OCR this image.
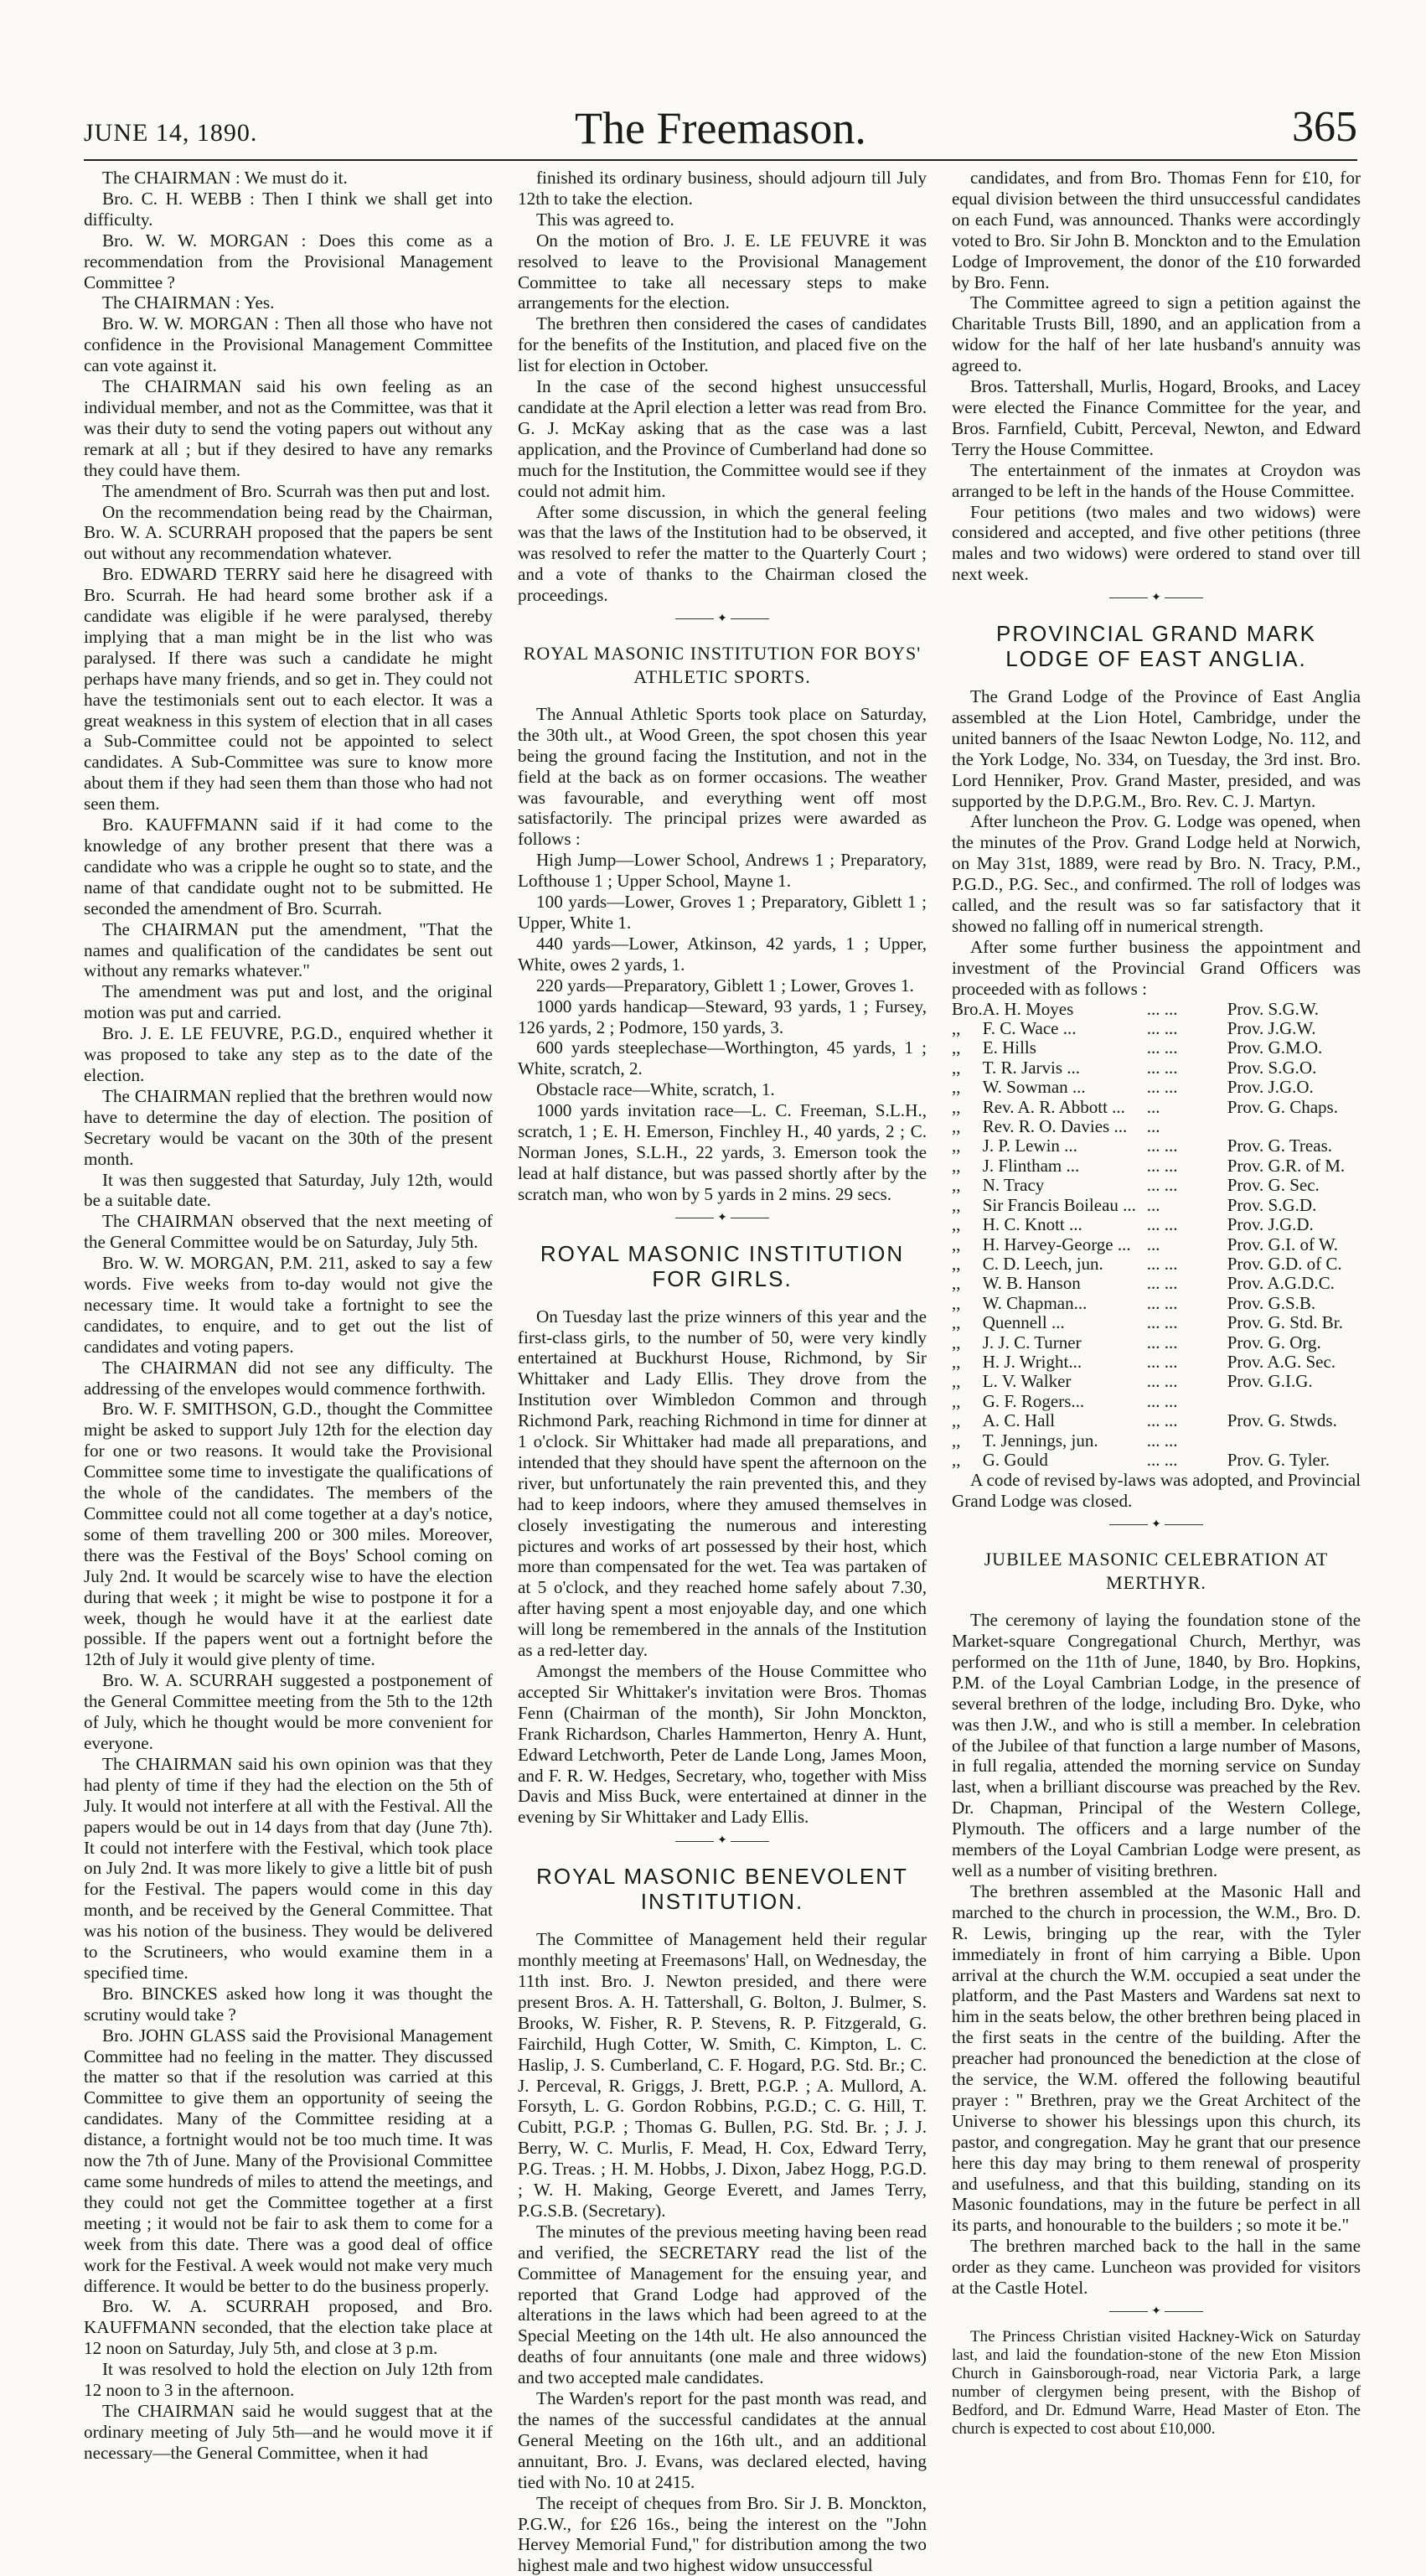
JUNE 14, 1890.	The Freemason.	365

The CHAIRMAN : We must do it.

Bro. C. H. WEBB : Then I think we shall get into difficulty.

Bro. W. W. MORGAN : Does this come as a recommendation from the Provisional Management Committee ?

The CHAIRMAN : Yes.

Bro. W. W. MORGAN : Then all those who have not confidence in the Provisional Management Committee can vote against it.

The CHAIRMAN said his own feeling as an individual member, and not as the Committee, was that it was their duty to send the voting papers out without any remark at all ; but if they desired to have any remarks they could have them.

The amendment of Bro. Scurrah was then put and lost.

On the recommendation being read by the Chairman, Bro. W. A. SCURRAH proposed that the papers be sent out without any recommendation whatever.

Bro. EDWARD TERRY said here he disagreed with Bro. Scurrah. He had heard some brother ask if a candidate was eligible if he were paralysed, thereby implying that a man might be in the list who was paralysed. If there was such a candidate he might perhaps have many friends, and so get in. They could not have the testimonials sent out to each elector. It was a great weakness in this system of election that in all cases a Sub-Committee could not be appointed to select candidates. A Sub-Committee was sure to know more about them if they had seen them than those who had not seen them.

Bro. KAUFFMANN said if it had come to the knowledge of any brother present that there was a candidate who was a cripple he ought so to state, and the name of that candidate ought not to be submitted. He seconded the amendment of Bro. Scurrah.

The CHAIRMAN put the amendment, "That the names and qualification of the candidates be sent out without any remarks whatever."

The amendment was put and lost, and the original motion was put and carried.

Bro. J. E. LE FEUVRE, P.G.D., enquired whether it was proposed to take any step as to the date of the election.

The CHAIRMAN replied that the brethren would now have to determine the day of election. The position of Secretary would be vacant on the 30th of the present month.

It was then suggested that Saturday, July 12th, would be a suitable date.

The CHAIRMAN observed that the next meeting of the General Committee would be on Saturday, July 5th.

Bro. W. W. MORGAN, P.M. 211, asked to say a few words. Five weeks from to-day would not give the necessary time. It would take a fortnight to see the candidates, to enquire, and to get out the list of candidates and voting papers.

The CHAIRMAN did not see any difficulty. The addressing of the envelopes would commence forthwith.

Bro. W. F. SMITHSON, G.D., thought the Committee might be asked to support July 12th for the election day for one or two reasons. It would take the Provisional Committee some time to investigate the qualifications of the whole of the candidates. The members of the Committee could not all come together at a day's notice, some of them travelling 200 or 300 miles. Moreover, there was the Festival of the Boys' School coming on July 2nd. It would be scarcely wise to have the election during that week ; it might be wise to postpone it for a week, though he would have it at the earliest date possible. If the papers went out a fortnight before the 12th of July it would give plenty of time.

Bro. W. A. SCURRAH suggested a postponement of the General Committee meeting from the 5th to the 12th of July, which he thought would be more convenient for everyone.

The CHAIRMAN said his own opinion was that they had plenty of time if they had the election on the 5th of July. It would not interfere at all with the Festival. All the papers would be out in 14 days from that day (June 7th). It could not interfere with the Festival, which took place on July 2nd. It was more likely to give a little bit of push for the Festival. The papers would come in this day month, and be received by the General Committee. That was his notion of the business. They would be delivered to the Scrutineers, who would examine them in a specified time.

Bro. BINCKES asked how long it was thought the scrutiny would take ?

Bro. JOHN GLASS said the Provisional Management Committee had no feeling in the matter. They discussed the matter so that if the resolution was carried at this Committee to give them an opportunity of seeing the candidates. Many of the Committee residing at a distance, a fortnight would not be too much time. It was now the 7th of June. Many of the Provisional Committee came some hundreds of miles to attend the meetings, and they could not get the Committee together at a first meeting ; it would not be fair to ask them to come for a week from this date. There was a good deal of office work for the Festival. A week would not make very much difference. It would be better to do the business properly.

Bro. W. A. SCURRAH proposed, and Bro. KAUFFMANN seconded, that the election take place at 12 noon on Saturday, July 5th, and close at 3 p.m.

It was resolved to hold the election on July 12th from 12 noon to 3 in the afternoon.

The CHAIRMAN said he would suggest that at the ordinary meeting of July 5th—and he would move it if necessary—the General Committee, when it had

finished its ordinary business, should adjourn till July 12th to take the election.

This was agreed to.

On the motion of Bro. J. E. LE FEUVRE it was resolved to leave to the Provisional Management Committee to take all necessary steps to make arrangements for the election.

The brethren then considered the cases of candidates for the benefits of the Institution, and placed five on the list for election in October.

In the case of the second highest unsuccessful candidate at the April election a letter was read from Bro. G. J. McKay asking that as the case was a last application, and the Province of Cumberland had done so much for the Institution, the Committee would see if they could not admit him.

After some discussion, in which the general feeling was that the laws of the Institution had to be observed, it was resolved to refer the matter to the Quarterly Court ; and a vote of thanks to the Chairman closed the proceedings.

✦
ROYAL MASONIC INSTITUTION FOR BOYS' ATHLETIC SPORTS.

The Annual Athletic Sports took place on Saturday, the 30th ult., at Wood Green, the spot chosen this year being the ground facing the Institution, and not in the field at the back as on former occasions. The weather was favourable, and everything went off most satisfactorily. The principal prizes were awarded as follows :

High Jump—Lower School, Andrews 1 ; Preparatory, Lofthouse 1 ; Upper School, Mayne 1.

100 yards—Lower, Groves 1 ; Preparatory, Giblett 1 ; Upper, White 1.

440 yards—Lower, Atkinson, 42 yards, 1 ; Upper, White, owes 2 yards, 1.

220 yards—Preparatory, Giblett 1 ; Lower, Groves 1.

1000 yards handicap—Steward, 93 yards, 1 ; Fursey, 126 yards, 2 ; Podmore, 150 yards, 3.

600 yards steeplechase—Worthington, 45 yards, 1 ; White, scratch, 2.

Obstacle race—White, scratch, 1.

1000 yards invitation race—L. C. Freeman, S.L.H., scratch, 1 ; E. H. Emerson, Finchley H., 40 yards, 2 ; C. Norman Jones, S.L.H., 22 yards, 3. Emerson took the lead at half distance, but was passed shortly after by the scratch man, who won by 5 yards in 2 mins. 29 secs.

✦
ROYAL MASONIC INSTITUTION FOR GIRLS.

On Tuesday last the prize winners of this year and the first-class girls, to the number of 50, were very kindly entertained at Buckhurst House, Richmond, by Sir Whittaker and Lady Ellis. They drove from the Institution over Wimbledon Common and through Richmond Park, reaching Richmond in time for dinner at 1 o'clock. Sir Whittaker had made all preparations, and intended that they should have spent the afternoon on the river, but unfortunately the rain prevented this, and they had to keep indoors, where they amused themselves in closely investigating the numerous and interesting pictures and works of art possessed by their host, which more than compensated for the wet. Tea was partaken of at 5 o'clock, and they reached home safely about 7.30, after having spent a most enjoyable day, and one which will long be remembered in the annals of the Institution as a red-letter day.

Amongst the members of the House Committee who accepted Sir Whittaker's invitation were Bros. Thomas Fenn (Chairman of the month), Sir John Monckton, Frank Richardson, Charles Hammerton, Henry A. Hunt, Edward Letchworth, Peter de Lande Long, James Moon, and F. R. W. Hedges, Secretary, who, together with Miss Davis and Miss Buck, were entertained at dinner in the evening by Sir Whittaker and Lady Ellis.

✦
ROYAL MASONIC BENEVOLENT INSTITUTION.

The Committee of Management held their regular monthly meeting at Freemasons' Hall, on Wednesday, the 11th inst. Bro. J. Newton presided, and there were present Bros. A. H. Tattershall, G. Bolton, J. Bulmer, S. Brooks, W. Fisher, R. P. Stevens, R. P. Fitzgerald, G. Fairchild, Hugh Cotter, W. Smith, C. Kimpton, L. C. Haslip, J. S. Cumberland, C. F. Hogard, P.G. Std. Br.; C. J. Perceval, R. Griggs, J. Brett, P.G.P. ; A. Mullord, A. Forsyth, L. G. Gordon Robbins, P.G.D.; C. G. Hill, T. Cubitt, P.G.P. ; Thomas G. Bullen, P.G. Std. Br. ; J. J. Berry, W. C. Murlis, F. Mead, H. Cox, Edward Terry, P.G. Treas. ; H. M. Hobbs, J. Dixon, Jabez Hogg, P.G.D. ; W. H. Making, George Everett, and James Terry, P.G.S.B. (Secretary).

The minutes of the previous meeting having been read and verified, the SECRETARY read the list of the Committee of Management for the ensuing year, and reported that Grand Lodge had approved of the alterations in the laws which had been agreed to at the Special Meeting on the 14th ult. He also announced the deaths of four annuitants (one male and three widows) and two accepted male candidates.

The Warden's report for the past month was read, and the names of the successful candidates at the annual General Meeting on the 16th ult., and an additional annuitant, Bro. J. Evans, was declared elected, having tied with No. 10 at 2415.

The receipt of cheques from Bro. Sir J. B. Monckton, P.G.W., for £26 16s., being the interest on the "John Hervey Memorial Fund," for distribution among the two highest male and two highest widow unsuccessful

candidates, and from Bro. Thomas Fenn for £10, for equal division between the third unsuccessful candidates on each Fund, was announced. Thanks were accordingly voted to Bro. Sir John B. Monckton and to the Emulation Lodge of Improvement, the donor of the £10 forwarded by Bro. Fenn.

The Committee agreed to sign a petition against the Charitable Trusts Bill, 1890, and an application from a widow for the half of her late husband's annuity was agreed to.

Bros. Tattershall, Murlis, Hogard, Brooks, and Lacey were elected the Finance Committee for the year, and Bros. Farnfield, Cubitt, Perceval, Newton, and Edward Terry the House Committee.

The entertainment of the inmates at Croydon was arranged to be left in the hands of the House Committee.

Four petitions (two males and two widows) were considered and accepted, and five other petitions (three males and two widows) were ordered to stand over till next week.

✦
PROVINCIAL GRAND MARK LODGE OF EAST ANGLIA.

The Grand Lodge of the Province of East Anglia assembled at the Lion Hotel, Cambridge, under the united banners of the Isaac Newton Lodge, No. 112, and the York Lodge, No. 334, on Tuesday, the 3rd inst. Bro. Lord Henniker, Prov. Grand Master, presided, and was supported by the D.P.G.M., Bro. Rev. C. J. Martyn.

After luncheon the Prov. G. Lodge was opened, when the minutes of the Prov. Grand Lodge held at Norwich, on May 31st, 1889, were read by Bro. N. Tracy, P.M., P.G.D., P.G. Sec., and confirmed. The roll of lodges was called, and the result was so far satisfactory that it showed no falling off in numerical strength.

After some further business the appointment and investment of the Provincial Grand Officers was proceeded with as follows :

Bro.	A. H. Moyes	... ...	Prov. S.G.W.
,,	F. C. Wace ...	... ...	Prov. J.G.W.
,,	E. Hills	... ...	Prov. G.M.O.
,,	T. R. Jarvis ...	... ...	Prov. S.G.O.
,,	W. Sowman ...	... ...	Prov. J.G.O.
,,	Rev. A. R. Abbott ...	...	Prov. G. Chaps.
,,	Rev. R. O. Davies ...	...	
,,	J. P. Lewin ...	... ...	Prov. G. Treas.
,,	J. Flintham ...	... ...	Prov. G.R. of M.
,,	N. Tracy	... ...	Prov. G. Sec.
,,	Sir Francis Boileau ...	...	Prov. S.G.D.
,,	H. C. Knott ...	... ...	Prov. J.G.D.
,,	H. Harvey-George ...	...	Prov. G.I. of W.
,,	C. D. Leech, jun.	... ...	Prov. G.D. of C.
,,	W. B. Hanson	... ...	Prov. A.G.D.C.
,,	W. Chapman...	... ...	Prov. G.S.B.
,,	Quennell ...	... ...	Prov. G. Std. Br.
,,	J. J. C. Turner	... ...	Prov. G. Org.
,,	H. J. Wright...	... ...	Prov. A.G. Sec.
,,	L. V. Walker	... ...	Prov. G.I.G.
,,	G. F. Rogers...	... ...	
,,	A. C. Hall	... ...	Prov. G. Stwds.
,,	T. Jennings, jun.	... ...	
,,	G. Gould	... ...	Prov. G. Tyler.

A code of revised by-laws was adopted, and Provincial Grand Lodge was closed.

✦
JUBILEE MASONIC CELEBRATION AT MERTHYR.

The ceremony of laying the foundation stone of the Market-square Congregational Church, Merthyr, was performed on the 11th of June, 1840, by Bro. Hopkins, P.M. of the Loyal Cambrian Lodge, in the presence of several brethren of the lodge, including Bro. Dyke, who was then J.W., and who is still a member. In celebration of the Jubilee of that function a large number of Masons, in full regalia, attended the morning service on Sunday last, when a brilliant discourse was preached by the Rev. Dr. Chapman, Principal of the Western College, Plymouth. The officers and a large number of the members of the Loyal Cambrian Lodge were present, as well as a number of visiting brethren.

The brethren assembled at the Masonic Hall and marched to the church in procession, the W.M., Bro. D. R. Lewis, bringing up the rear, with the Tyler immediately in front of him carrying a Bible. Upon arrival at the church the W.M. occupied a seat under the platform, and the Past Masters and Wardens sat next to him in the seats below, the other brethren being placed in the first seats in the centre of the building. After the preacher had pronounced the benediction at the close of the service, the W.M. offered the following beautiful prayer : " Brethren, pray we the Great Architect of the Universe to shower his blessings upon this church, its pastor, and congregation. May he grant that our presence here this day may bring to them renewal of prosperity and usefulness, and that this building, standing on its Masonic foundations, may in the future be perfect in all its parts, and honourable to the builders ; so mote it be."

The brethren marched back to the hall in the same order as they came. Luncheon was provided for visitors at the Castle Hotel.

✦

The Princess Christian visited Hackney-Wick on Saturday last, and laid the foundation-stone of the new Eton Mission Church in Gainsborough-road, near Victoria Park, a large number of clergymen being present, with the Bishop of Bedford, and Dr. Edmund Warre, Head Master of Eton. The church is expected to cost about £10,000.
